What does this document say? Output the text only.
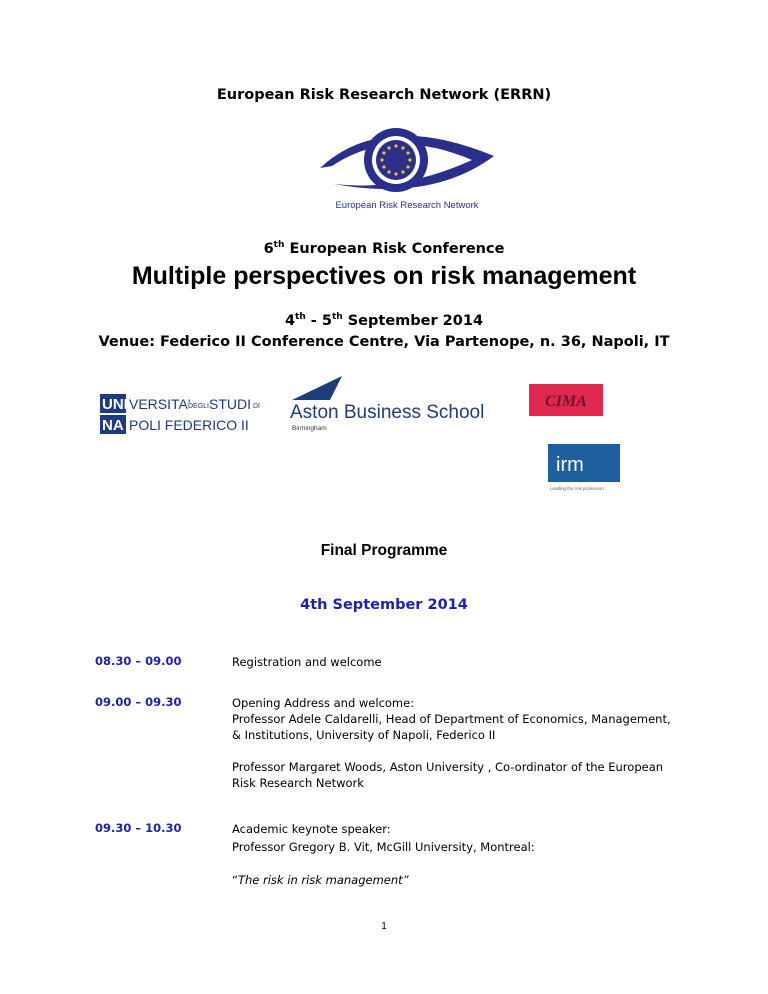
European Risk Research Network (ERRN)
European Risk Research Network
6th European Risk Conference
Multiple perspectives on risk management
4th - 5th September 2014
Venue: Federico II Conference Centre, Via Partenope, n. 36, Napoli, IT
UNI
NA
VERSITA'
DEGLI STUDI DI
POLI FEDERICO II
Aston Business School
Birmingham
CIMA
irm
Leading the risk profession
Final Programme
4th September 2014
08.30 – 09.00	Registration and welcome
09.00 – 09.30	Opening Address and welcome:
Professor Adele Caldarelli, Head of Department of Economics, Management,
& Institutions, University of Napoli, Federico II
Professor Margaret Woods, Aston University , Co-ordinator of the European
Risk Research Network
09.30 – 10.30	Academic keynote speaker:
Professor Gregory B. Vit, McGill University, Montreal:
“The risk in risk management”
1
